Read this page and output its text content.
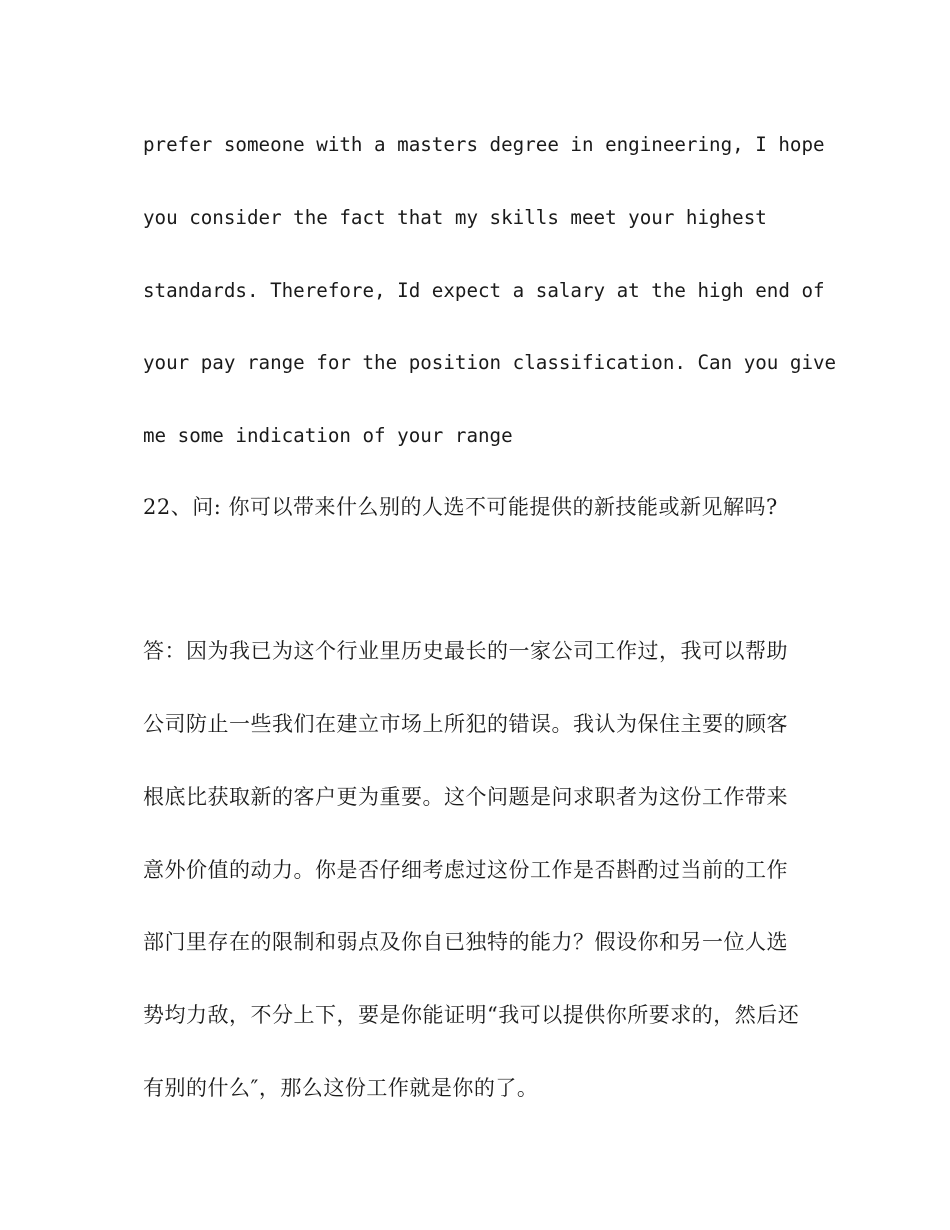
prefer someone with a masters degree in engineering, I hope
you consider the fact that my skills meet your highest
standards. Therefore, Id expect a salary at the high end of
your pay range for the position classification. Can you give
me some indication of your range
22、问: 你可以带来什么别的人选不可能提供的新技能或新见解吗?
答：因为我已为这个行业里历史最长的一家公司工作过，我可以帮助
公司防止一些我们在建立市场上所犯的错误。我认为保住主要的顾客
根底比获取新的客户更为重要。这个问题是问求职者为这份工作带来
意外价值的动力。你是否仔细考虑过这份工作是否斟酌过当前的工作
部门里存在的限制和弱点及你自已独特的能力？假设你和另一位人选
势均力敌，不分上下，要是你能证明“我可以提供你所要求的，然后还
有别的什么″，那么这份工作就是你的了。
